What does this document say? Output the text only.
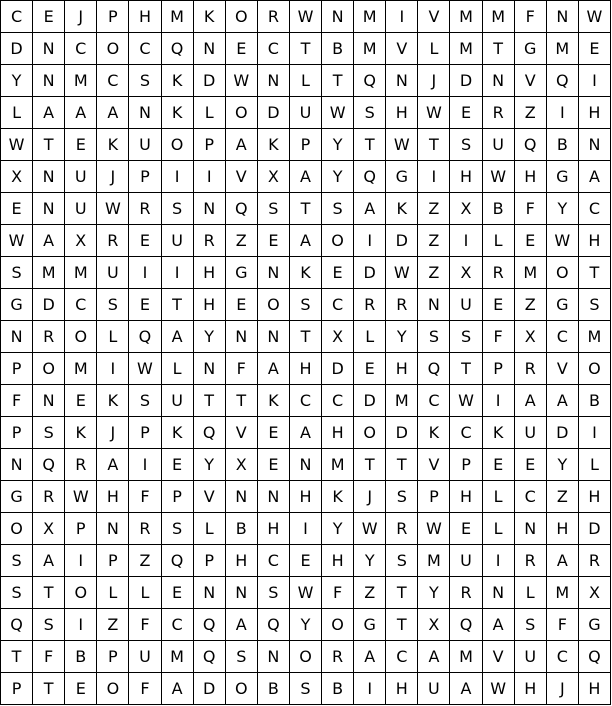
C	E	J	P	H	M	K	O	R	W	N	M	I	V	M	M	F	N	W
D	N	C	O	C	Q	N	E	C	T	B	M	V	L	M	T	G	M	E
Y	N	M	C	S	K	D	W	N	L	T	Q	N	J	D	N	V	Q	I
L	A	A	A	N	K	L	O	D	U	W	S	H	W	E	R	Z	I	H
W	T	E	K	U	O	P	A	K	P	Y	T	W	T	S	U	Q	B	N
X	N	U	J	P	I	I	V	X	A	Y	Q	G	I	H	W	H	G	A
E	N	U	W	R	S	N	Q	S	T	S	A	K	Z	X	B	F	Y	C
W	A	X	R	E	U	R	Z	E	A	O	I	D	Z	I	L	E	W	H
S	M	M	U	I	I	H	G	N	K	E	D	W	Z	X	R	M	O	T
G	D	C	S	E	T	H	E	O	S	C	R	R	N	U	E	Z	G	S
N	R	O	L	Q	A	Y	N	N	T	X	L	Y	S	S	F	X	C	M
P	O	M	I	W	L	N	F	A	H	D	E	H	Q	T	P	R	V	O
F	N	E	K	S	U	T	T	K	C	C	D	M	C	W	I	A	A	B
P	S	K	J	P	K	Q	V	E	A	H	O	D	K	C	K	U	D	I
N	Q	R	A	I	E	Y	X	E	N	M	T	T	V	P	E	E	Y	L
G	R	W	H	F	P	V	N	N	H	K	J	S	P	H	L	C	Z	H
O	X	P	N	R	S	L	B	H	I	Y	W	R	W	E	L	N	H	D
S	A	I	P	Z	Q	P	H	C	E	H	Y	S	M	U	I	R	A	R
S	T	O	L	L	E	N	N	S	W	F	Z	T	Y	R	N	L	M	X
Q	S	I	Z	F	C	Q	A	Q	Y	O	G	T	X	Q	A	S	F	G
T	F	B	P	U	M	Q	S	N	O	R	A	C	A	M	V	U	C	Q
P	T	E	O	F	A	D	O	B	S	B	I	H	U	A	W	H	J	H
